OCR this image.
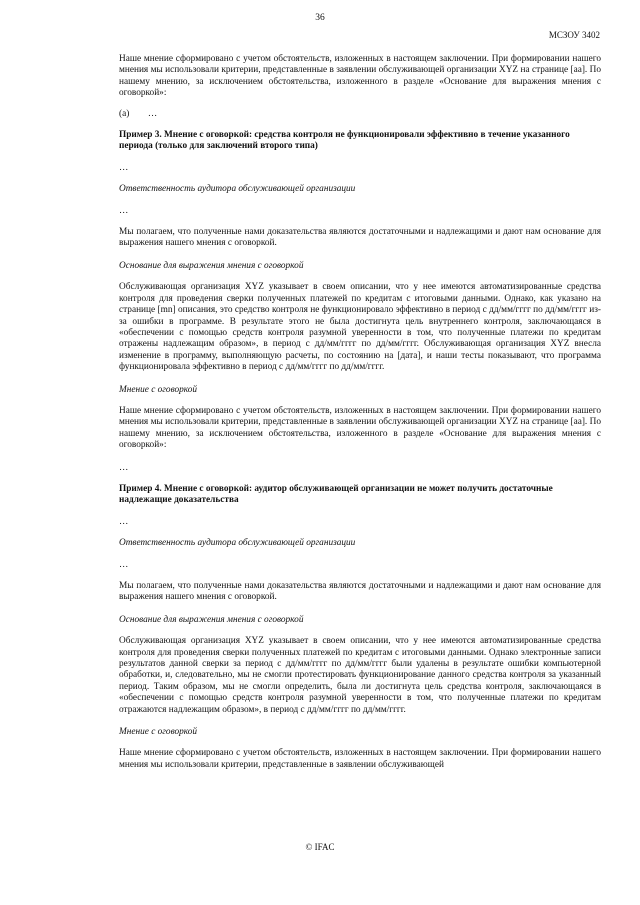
36
МСЗОУ 3402

Наше мнение сформировано с учетом обстоятельств, изложенных в настоящем заключении. При формировании нашего мнения мы использовали критерии, представленные в заявлении обслуживающей организации XYZ на странице [аа]. По нашему мнению, за исключением обстоятельства, изложенного в разделе «Основание для выражения мнения с оговоркой»:

(а)        …

Пример 3. Мнение с оговоркой: средства контроля не функционировали эффективно в течение указанного периода (только для заключений второго типа)

…

Ответственность аудитора обслуживающей организации

…

Мы полагаем, что полученные нами доказательства являются достаточными и надлежащими и дают нам основание для выражения нашего мнения с оговоркой.

Основание для выражения мнения с оговоркой

Обслуживающая организация XYZ указывает в своем описании, что у нее имеются автоматизированные средства контроля для проведения сверки полученных платежей по кредитам с итоговыми данными. Однако, как указано на странице [mn] описания, это средство контроля не функционировало эффективно в период с дд/мм/гггг по дд/мм/гггг из-за ошибки в программе. В результате этого не была достигнута цель внутреннего контроля, заключающаяся в «обеспечении с помощью средств контроля разумной уверенности в том, что полученные платежи по кредитам отражены надлежащим образом», в период с дд/мм/гггг по дд/мм/гггг. Обслуживающая организация XYZ внесла изменение в программу, выполняющую расчеты, по состоянию на [дата], и наши тесты показывают, что программа функционировала эффективно в период с дд/мм/гггг по дд/мм/гггг.

Мнение с оговоркой

Наше мнение сформировано с учетом обстоятельств, изложенных в настоящем заключении. При формировании нашего мнения мы использовали критерии, представленные в заявлении обслуживающей организации XYZ на странице [аа]. По нашему мнению, за исключением обстоятельства, изложенного в разделе «Основание для выражения мнения с оговоркой»:

…

Пример 4. Мнение с оговоркой: аудитор обслуживающей организации не может получить достаточные надлежащие доказательства

…

Ответственность аудитора обслуживающей организации

…

Мы полагаем, что полученные нами доказательства являются достаточными и надлежащими и дают нам основание для выражения нашего мнения с оговоркой.

Основание для выражения мнения с оговоркой

Обслуживающая организация XYZ указывает в своем описании, что у нее имеются автоматизированные средства контроля для проведения сверки полученных платежей по кредитам с итоговыми данными. Однако электронные записи результатов данной сверки за период с дд/мм/гггг по дд/мм/гггг были удалены в результате ошибки компьютерной обработки, и, следовательно, мы не смогли протестировать функционирование данного средства контроля за указанный период. Таким образом, мы не смогли определить, была ли достигнута цель средства контроля, заключающаяся в «обеспечении с помощью средств контроля разумной уверенности в том, что полученные платежи по кредитам отражаются надлежащим образом», в период с дд/мм/гггг по дд/мм/гггг.

Мнение с оговоркой

Наше мнение сформировано с учетом обстоятельств, изложенных в настоящем заключении. При формировании нашего мнения мы использовали критерии, представленные в заявлении обслуживающей

© IFAC
